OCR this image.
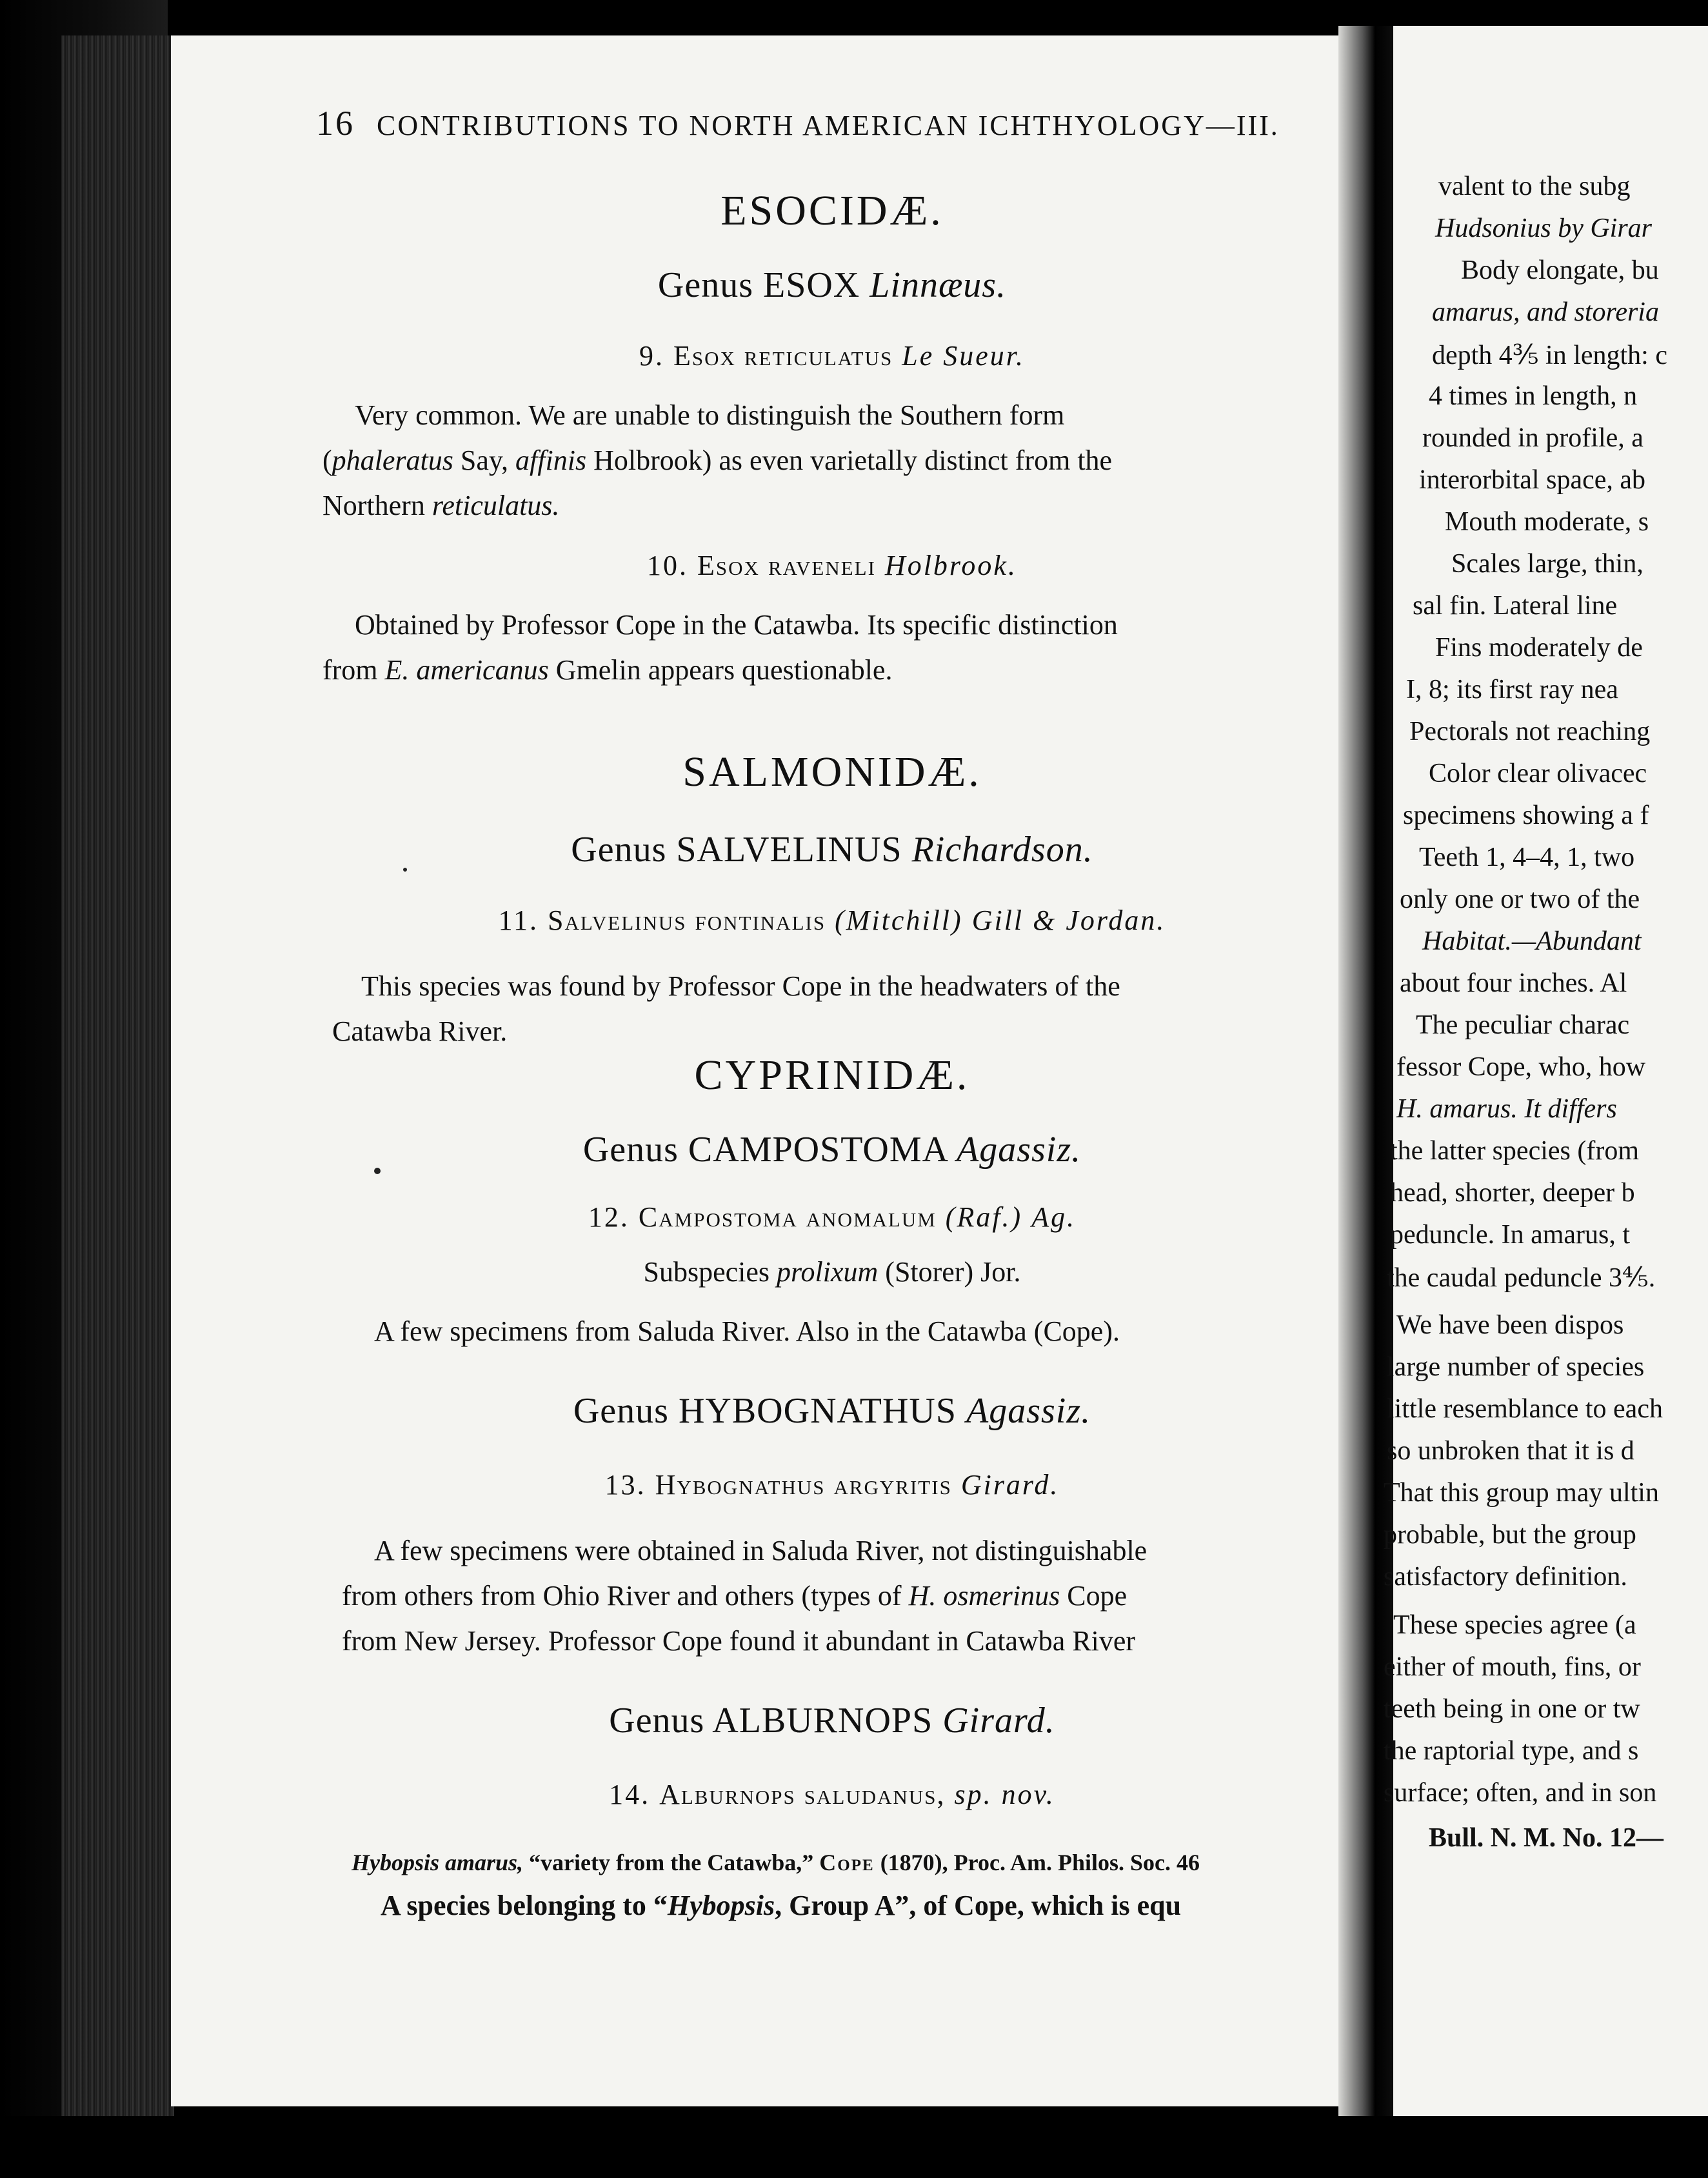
16 CONTRIBUTIONS TO NORTH AMERICAN ICHTHYOLOGY—III.
ESOCIDÆ.
Genus ESOX Linnæus.
9. Esox reticulatus Le Sueur.
Very common. We are unable to distinguish the Southern form
(phaleratus Say, affinis Holbrook) as even varietally distinct from the
Northern reticulatus.
10. Esox raveneli Holbrook.
Obtained by Professor Cope in the Catawba. Its specific distinction
from E. americanus Gmelin appears questionable.
SALMONIDÆ.
Genus SALVELINUS Richardson.
11. Salvelinus fontinalis (Mitchill) Gill & Jordan.
This species was found by Professor Cope in the headwaters of the
Catawba River.
CYPRINIDÆ.
Genus CAMPOSTOMA Agassiz.
12. Campostoma anomalum (Raf.) Ag.
Subspecies prolixum (Storer) Jor.
A few specimens from Saluda River. Also in the Catawba (Cope).
Genus HYBOGNATHUS Agassiz.
13. Hybognathus argyritis Girard.
A few specimens were obtained in Saluda River, not distinguishable
from others from Ohio River and others (types of H. osmerinus Cope
from New Jersey. Professor Cope found it abundant in Catawba River
Genus ALBURNOPS Girard.
14. Alburnops saludanus, sp. nov.
Hybopsis amarus, “variety from the Catawba,” Cope (1870), Proc. Am. Philos. Soc. 46
A species belonging to “Hybopsis, Group A”, of Cope, which is equ
valent to the subg
Hudsonius by Girar
Body elongate, bu
amarus, and storeria
depth 4⅗ in length: c
4 times in length, n
rounded in profile, a
interorbital space, ab
Mouth moderate, s
Scales large, thin,
sal fin. Lateral line
Fins moderately de
I, 8; its first ray nea
Pectorals not reaching
Color clear olivacec
specimens showing a f
Teeth 1, 4–4, 1, two
only one or two of the
Habitat.—Abundant
about four inches. Al
The peculiar charac
fessor Cope, who, how
H. amarus. It differs
the latter species (from
head, shorter, deeper b
peduncle. In amarus, t
the caudal peduncle 3⅘.
We have been dispos
large number of species
little resemblance to each
so unbroken that it is d
That this group may ultin
probable, but the group
satisfactory definition.
These species agree (a
either of mouth, fins, or
teeth being in one or tw
the raptorial type, and s
surface; often, and in son
Bull. N. M. No. 12—
